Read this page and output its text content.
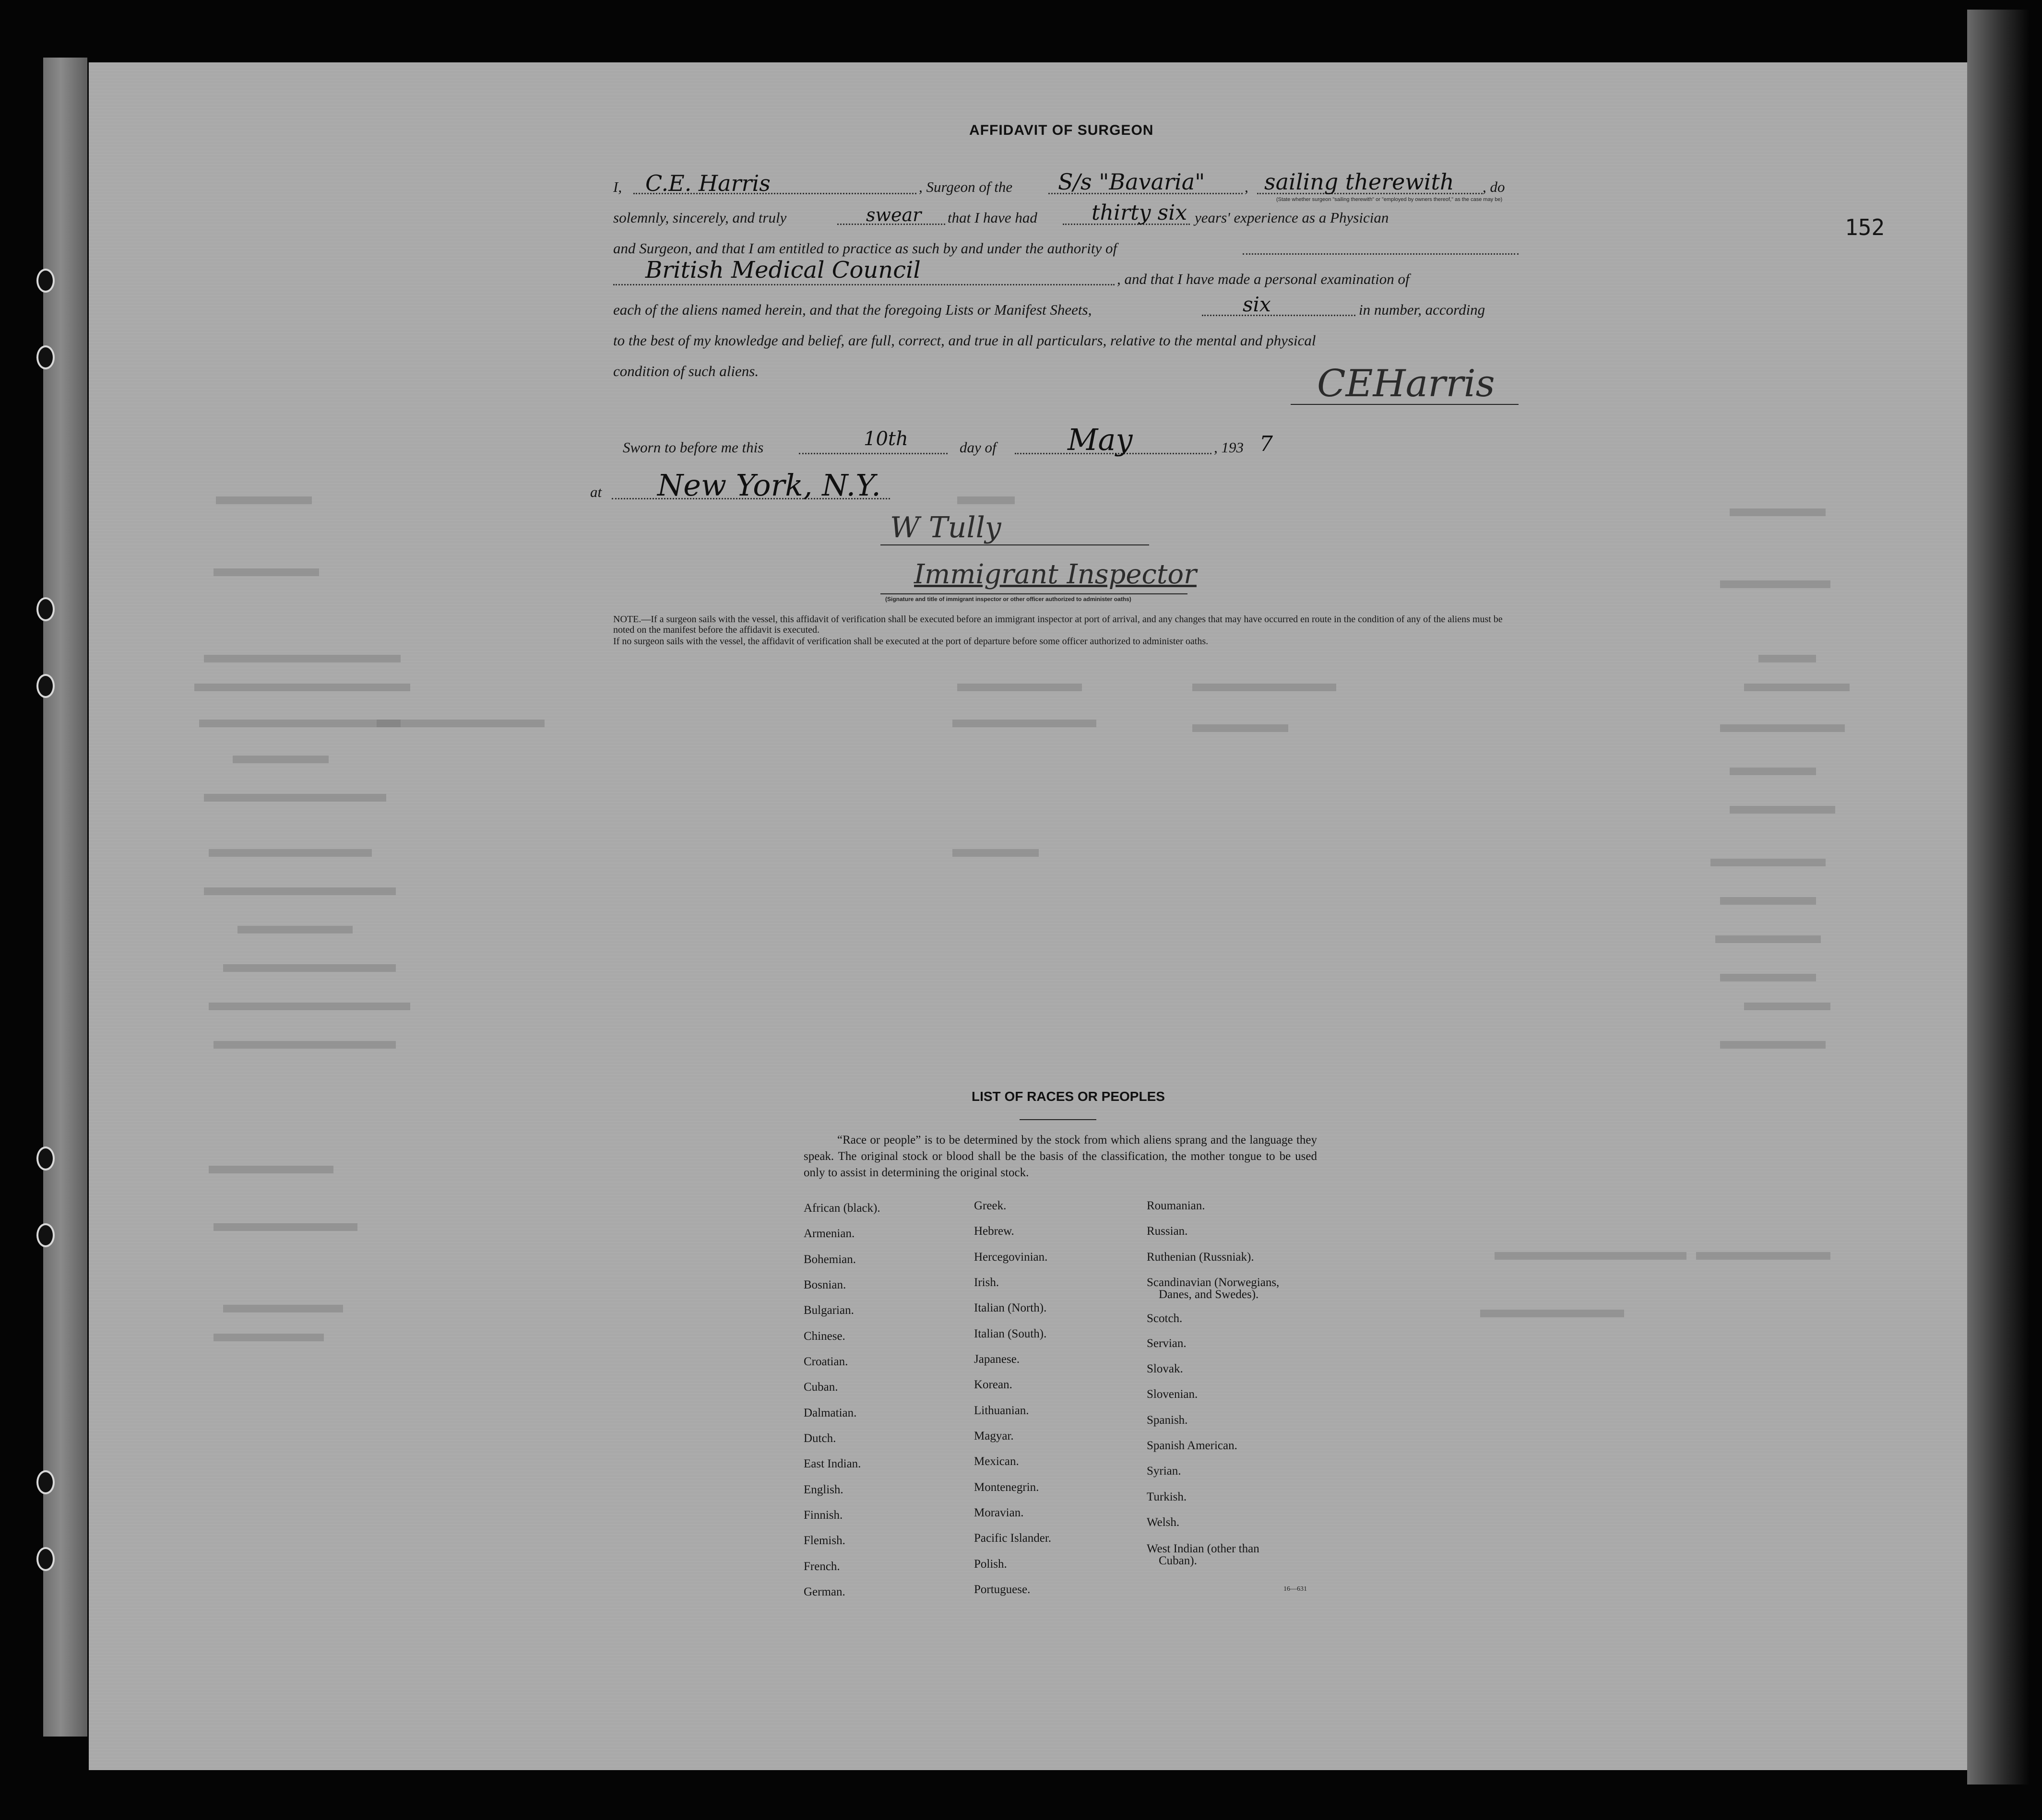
152
AFFIDAVIT OF SURGEON
I, C.E. Harris	, Surgeon of the S/s "Bavaria"	, sailing therewith , do
(State whether surgeon "sailing therewith" or "employed by owners thereof," as the case may be)
solemnly, sincerely, and truly	swear that I have had	thirty six years' experience as a Physician
and Surgeon, and that I am entitled to practice as such by and under the authority of
British Medical Council	, and that I have made a personal examination of
each of the aliens named herein, and that the foregoing Lists or Manifest Sheets,	six	in number, according
to the best of my knowledge and belief, are full, correct, and true in all particulars, relative to the mental and physical
condition of such aliens.	CEHarris
Sworn to before me this	10th	day of May	, 193 7
at New York, N.Y.
W Tully
Immigrant Inspector
(Signature and title of immigrant inspector or other officer authorized to administer oaths)
NOTE.—If a surgeon sails with the vessel, this affidavit of verification shall be executed before an immigrant inspector at port of arrival, and any changes that may have occurred en route in the condition of any of the aliens must be noted on the manifest before the affidavit is executed.
If no surgeon sails with the vessel, the affidavit of verification shall be executed at the port of departure before some officer authorized to administer oaths.
LIST OF RACES OR PEOPLES
“Race or people” is to be determined by the stock from which aliens sprang and the language they speak. The original stock or blood shall be the basis of the classification, the mother tongue to be used only to assist in determining the original stock.
African (black).
Armenian.
Bohemian.
Bosnian.
Bulgarian.
Chinese.
Croatian.
Cuban.
Dalmatian.
Dutch.
East Indian.
English.
Finnish.
Flemish.
French.
German.
Greek.
Hebrew.
Hercegovinian.
Irish.
Italian (North).
Italian (South).
Japanese.
Korean.
Lithuanian.
Magyar.
Mexican.
Montenegrin.
Moravian.
Pacific Islander.
Polish.
Portuguese.
Roumanian.
Russian.
Ruthenian (Russniak).
Scandinavian (Norwegians,
Danes, and Swedes).
Scotch.
Servian.
Slovak.
Slovenian.
Spanish.
Spanish American.
Syrian.
Turkish.
Welsh.
West Indian (other than
Cuban).
16—631
